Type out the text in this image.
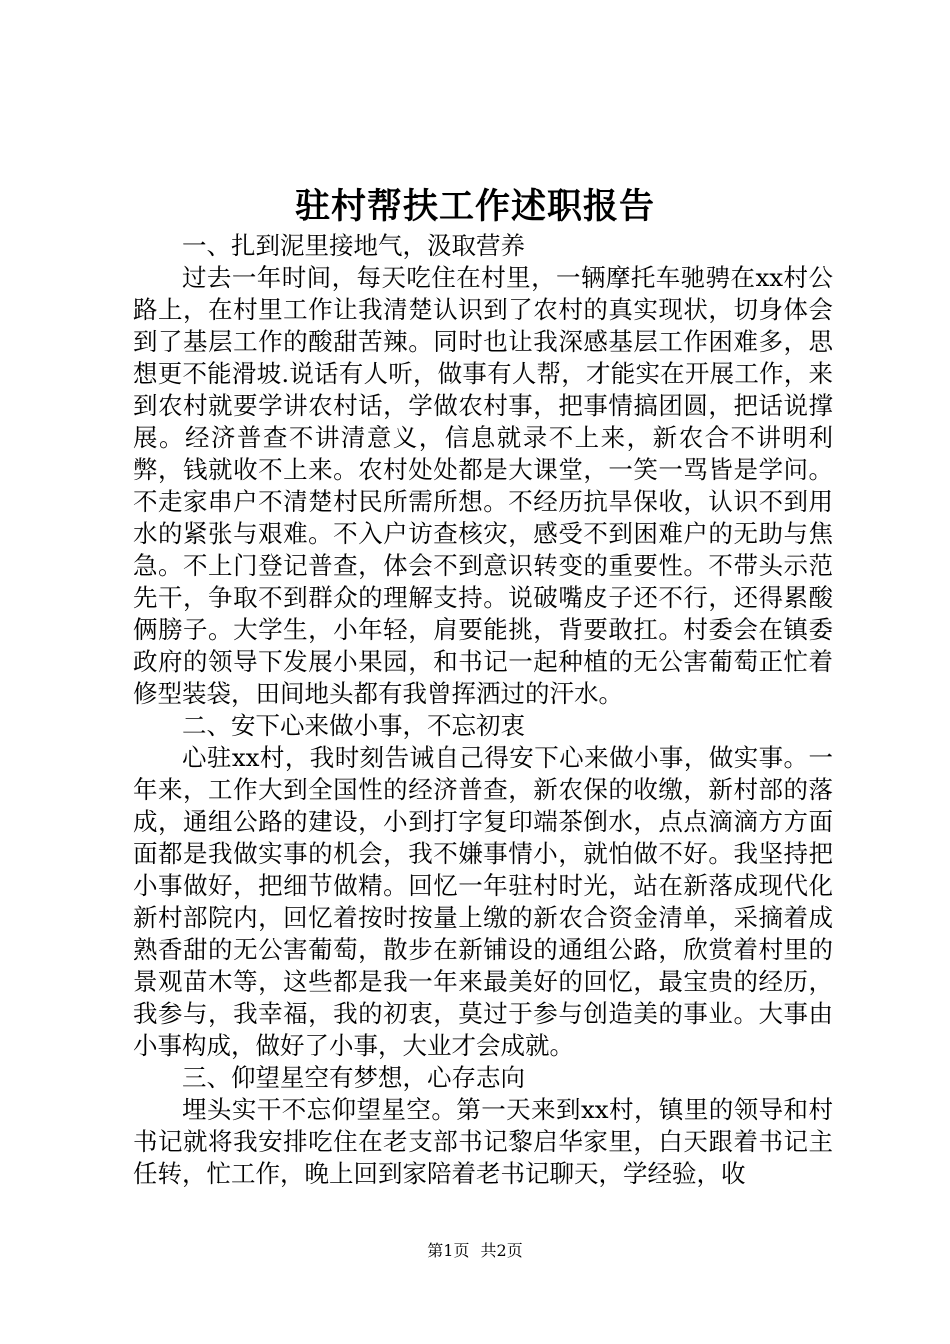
驻村帮扶工作述职报告

一、扎到泥里接地气，汲取营养

过去一年时间，每天吃住在村里，一辆摩托车驰骋在xx村公路上，在村里工作让我清楚认识到了农村的真实现状，切身体会到了基层工作的酸甜苦辣。同时也让我深感基层工作困难多，思想更不能滑坡.说话有人听，做事有人帮，才能实在开展工作，来到农村就要学讲农村话，学做农村事，把事情搞团圆，把话说撑展。经济普查不讲清意义，信息就录不上来，新农合不讲明利弊，钱就收不上来。农村处处都是大课堂，一笑一骂皆是学问。不走家串户不清楚村民所需所想。不经历抗旱保收，认识不到用水的紧张与艰难。不入户访查核灾，感受不到困难户的无助与焦急。不上门登记普查，体会不到意识转变的重要性。不带头示范先干，争取不到群众的理解支持。说破嘴皮子还不行，还得累酸俩膀子。大学生，小年轻，肩要能挑，背要敢扛。村委会在镇委政府的领导下发展小果园，和书记一起种植的无公害葡萄正忙着修型装袋，田间地头都有我曾挥洒过的汗水。

二、安下心来做小事，不忘初衷

心驻xx村，我时刻告诫自己得安下心来做小事，做实事。一年来，工作大到全国性的经济普查，新农保的收缴，新村部的落成，通组公路的建设，小到打字复印端茶倒水，点点滴滴方方面面都是我做实事的机会，我不嫌事情小，就怕做不好。我坚持把小事做好，把细节做精。回忆一年驻村时光，站在新落成现代化新村部院内，回忆着按时按量上缴的新农合资金清单，采摘着成熟香甜的无公害葡萄，散步在新铺设的通组公路，欣赏着村里的景观苗木等，这些都是我一年来最美好的回忆，最宝贵的经历，我参与，我幸福，我的初衷，莫过于参与创造美的事业。大事由小事构成，做好了小事，大业才会成就。

三、仰望星空有梦想，心存志向

埋头实干不忘仰望星空。第一天来到xx村，镇里的领导和村书记就将我安排吃住在老支部书记黎启华家里，白天跟着书记主任转，忙工作，晚上回到家陪着老书记聊天，学经验，收

第1页 共2页
